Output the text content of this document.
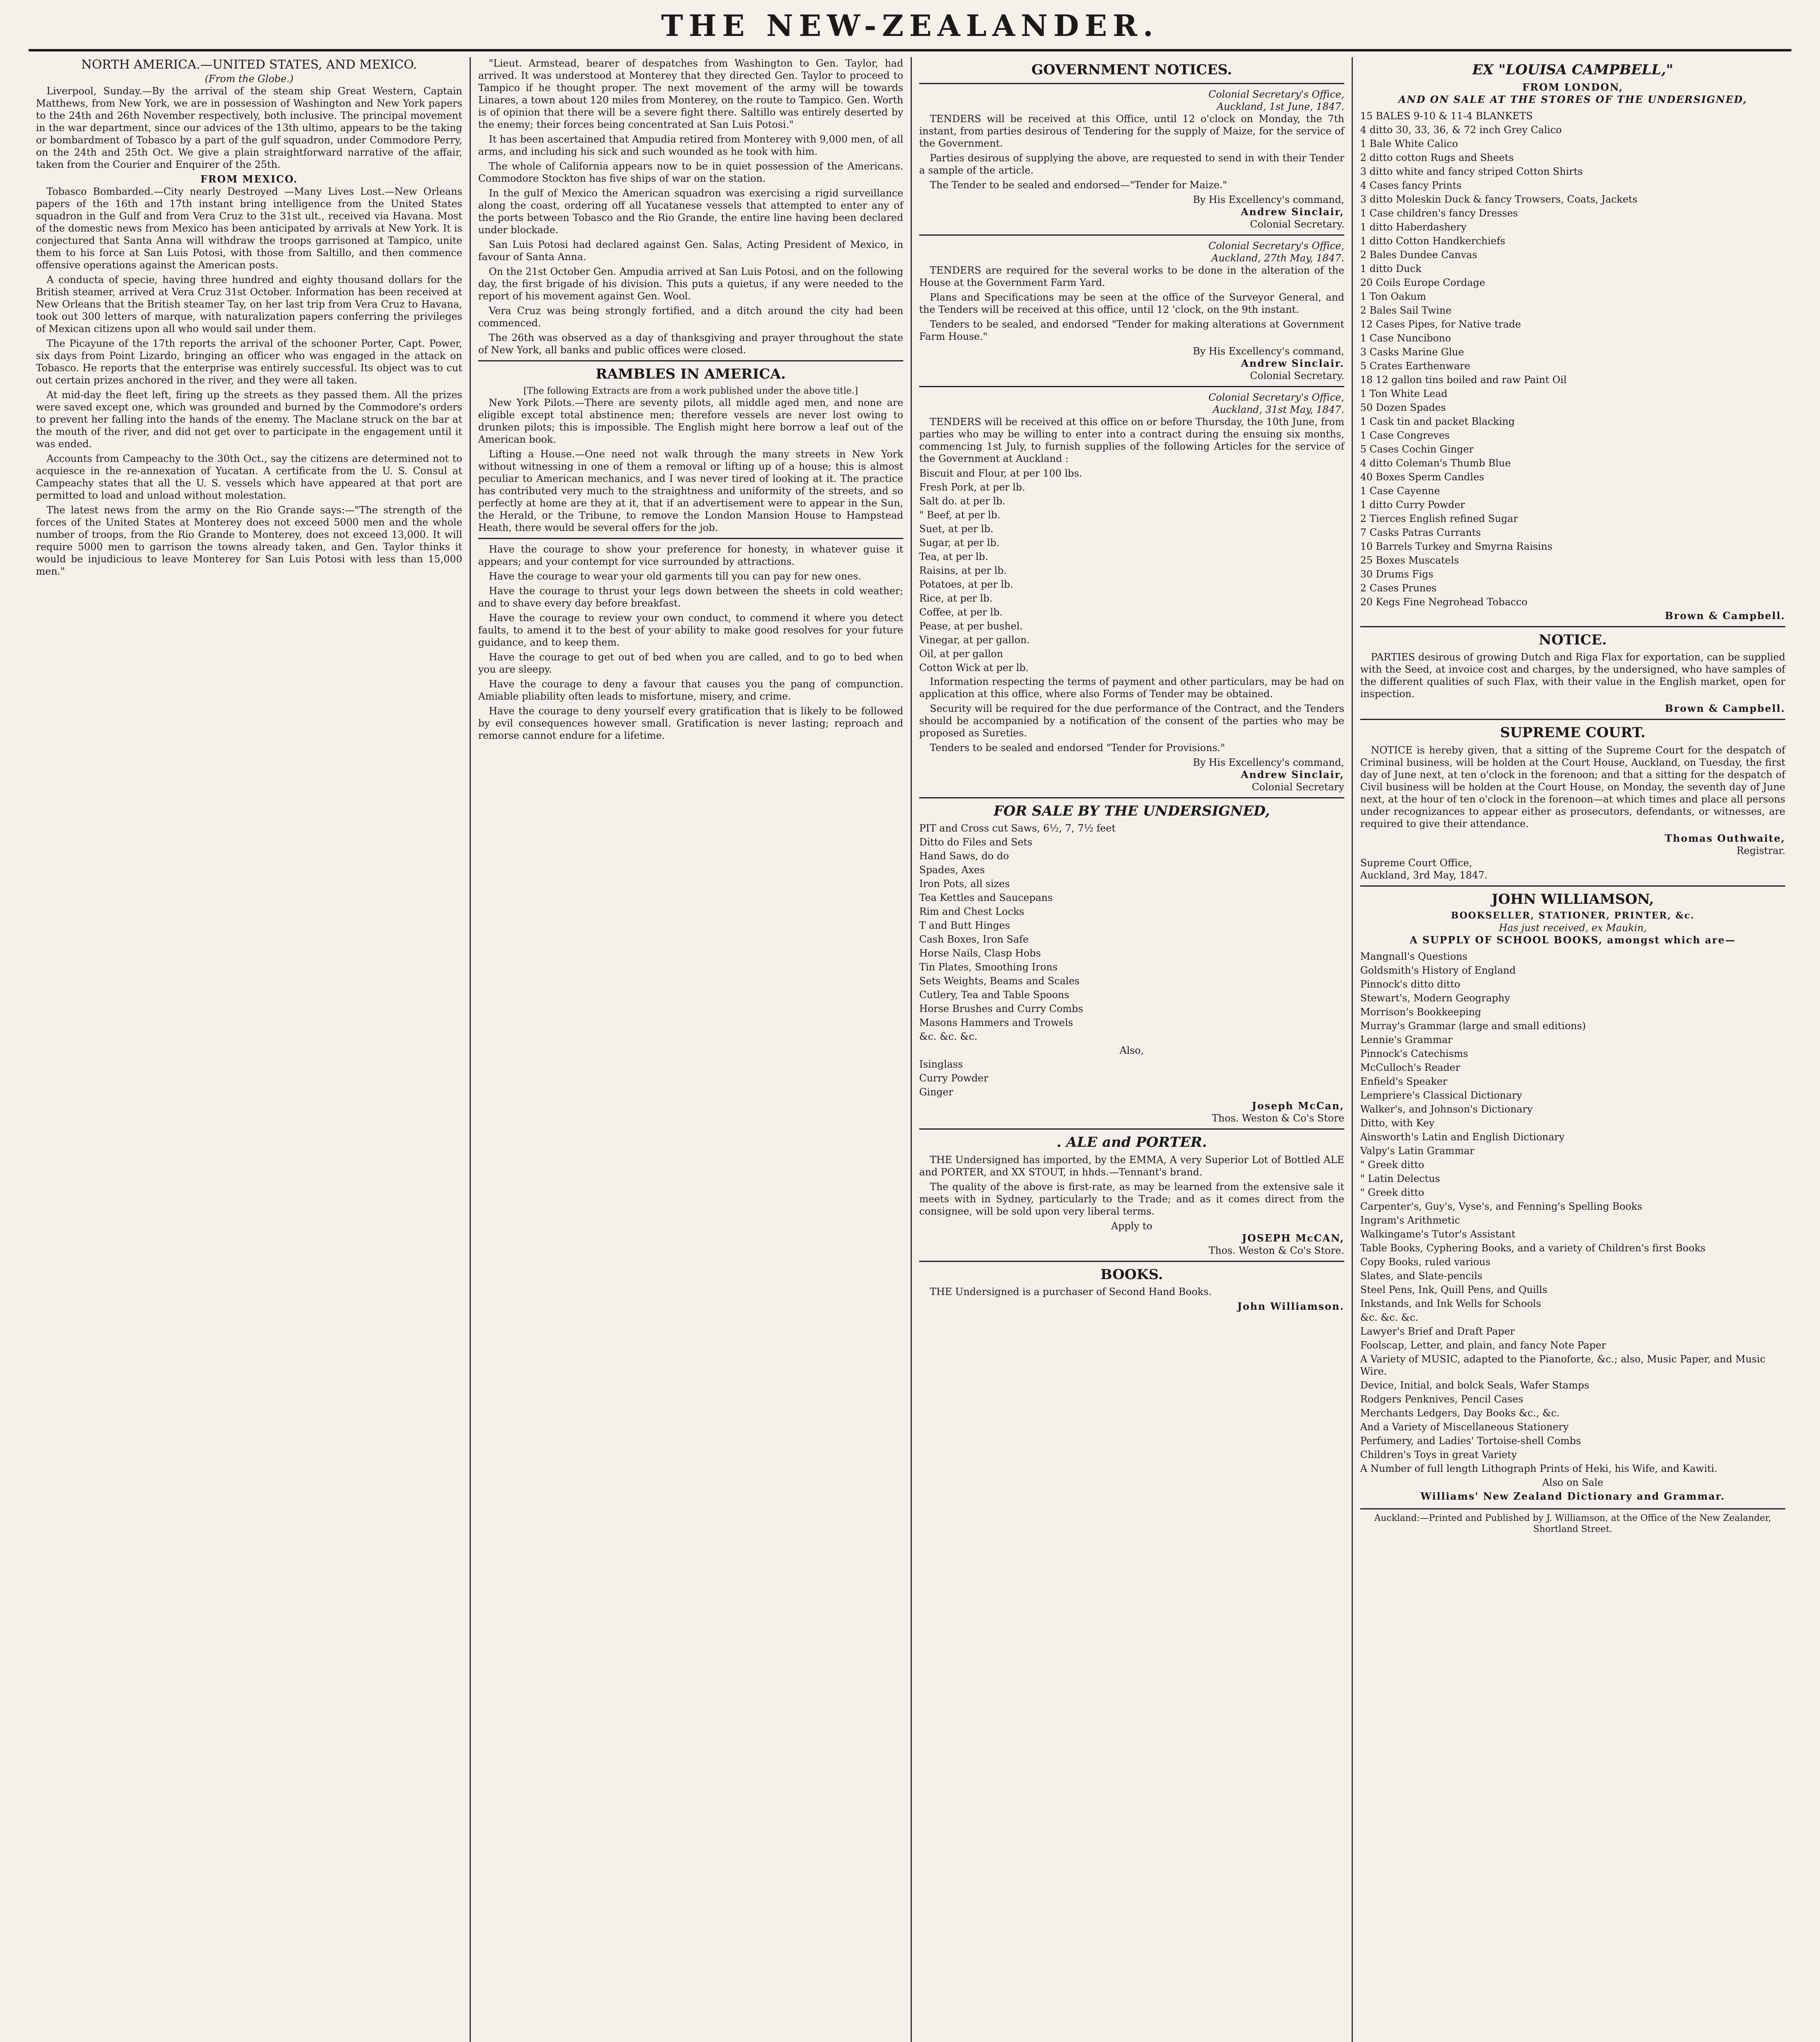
THE NEW-ZEALANDER.
NORTH AMERICA.—UNITED STATES, AND MEXICO.
(From the Globe.)

Liverpool, Sunday.—By the arrival of the steam ship Great Western, Captain Matthews, from New York, we are in possession of Washington and New York papers to the 24th and 26th November respectively, both inclusive. The principal movement in the war department, since our advices of the 13th ultimo, appears to be the taking or bombardment of Tobasco by a part of the gulf squadron, under Commodore Perry, on the 24th and 25th Oct. We give a plain straightforward narrative of the affair, taken from the Courier and Enquirer of the 25th.

FROM MEXICO.

Tobasco Bombarded.—City nearly Destroyed —Many Lives Lost.—New Orleans papers of the 16th and 17th instant bring intelligence from the United States squadron in the Gulf and from Vera Cruz to the 31st ult., received via Havana. Most of the domestic news from Mexico has been anticipated by arrivals at New York. It is conjectured that Santa Anna will withdraw the troops garrisoned at Tampico, unite them to his force at San Luis Potosi, with those from Saltillo, and then commence offensive operations against the American posts.

A conducta of specie, having three hundred and eighty thousand dollars for the British steamer, arrived at Vera Cruz 31st October. Information has been received at New Orleans that the British steamer Tay, on her last trip from Vera Cruz to Havana, took out 300 letters of marque, with naturalization papers conferring the privileges of Mexican citizens upon all who would sail under them.

The Picayune of the 17th reports the arrival of the schooner Porter, Capt. Power, six days from Point Lizardo, bringing an officer who was engaged in the attack on Tobasco. He reports that the enterprise was entirely successful. Its object was to cut out certain prizes anchored in the river, and they were all taken.

At mid-day the fleet left, firing up the streets as they passed them. All the prizes were saved except one, which was grounded and burned by the Commodore's orders to prevent her falling into the hands of the enemy. The Maclane struck on the bar at the mouth of the river, and did not get over to participate in the engagement until it was ended.

Accounts from Campeachy to the 30th Oct., say the citizens are determined not to acquiesce in the re-annexation of Yucatan. A certificate from the U. S. Consul at Campeachy states that all the U. S. vessels which have appeared at that port are permitted to load and unload without molestation.

The latest news from the army on the Rio Grande says:—"The strength of the forces of the United States at Monterey does not exceed 5000 men and the whole number of troops, from the Rio Grande to Monterey, does not exceed 13,000. It will require 5000 men to garrison the towns already taken, and Gen. Taylor thinks it would be injudicious to leave Monterey for San Luis Potosi with less than 15,000 men."

"Lieut. Armstead, bearer of despatches from Washington to Gen. Taylor, had arrived. It was understood at Monterey that they directed Gen. Taylor to proceed to Tampico if he thought proper. The next movement of the army will be towards Linares, a town about 120 miles from Monterey, on the route to Tampico. Gen. Worth is of opinion that there will be a severe fight there. Saltillo was entirely deserted by the enemy; their forces being concentrated at San Luis Potosi."

It has been ascertained that Ampudia retired from Monterey with 9,000 men, of all arms, and including his sick and such wounded as he took with him.

The whole of California appears now to be in quiet possession of the Americans. Commodore Stockton has five ships of war on the station.

In the gulf of Mexico the American squadron was exercising a rigid surveillance along the coast, ordering off all Yucatanese vessels that attempted to enter any of the ports between Tobasco and the Rio Grande, the entire line having been declared under blockade.

San Luis Potosi had declared against Gen. Salas, Acting President of Mexico, in favour of Santa Anna.

On the 21st October Gen. Ampudia arrived at San Luis Potosi, and on the following day, the first brigade of his division. This puts a quietus, if any were needed to the report of his movement against Gen. Wool.

Vera Cruz was being strongly fortified, and a ditch around the city had been commenced.

The 26th was observed as a day of thanksgiving and prayer throughout the state of New York, all banks and public offices were closed.

RAMBLES IN AMERICA.
[The following Extracts are from a work published under the above title.]

New York Pilots.—There are seventy pilots, all middle aged men, and none are eligible except total abstinence men; therefore vessels are never lost owing to drunken pilots; this is impossible. The English might here borrow a leaf out of the American book.

Lifting a House.—One need not walk through the many streets in New York without witnessing in one of them a removal or lifting up of a house; this is almost peculiar to American mechanics, and I was never tired of looking at it. The practice has contributed very much to the straightness and uniformity of the streets, and so perfectly at home are they at it, that if an advertisement were to appear in the Sun, the Herald, or the Tribune, to remove the London Mansion House to Hampstead Heath, there would be several offers for the job.

Have the courage to show your preference for honesty, in whatever guise it appears; and your contempt for vice surrounded by attractions.

Have the courage to wear your old garments till you can pay for new ones.

Have the courage to thrust your legs down between the sheets in cold weather; and to shave every day before breakfast.

Have the courage to review your own conduct, to commend it where you detect faults, to amend it to the best of your ability to make good resolves for your future guidance, and to keep them.

Have the courage to get out of bed when you are called, and to go to bed when you are sleepy.

Have the courage to deny a favour that causes you the pang of compunction. Amiable pliability often leads to misfortune, misery, and crime.

Have the courage to deny yourself every gratification that is likely to be followed by evil consequences however small. Gratification is never lasting; reproach and remorse cannot endure for a lifetime.

GOVERNMENT NOTICES.
Colonial Secretary's Office,
Auckland, 1st June, 1847.

TENDERS will be received at this Office, until 12 o'clock on Monday, the 7th instant, from parties desirous of Tendering for the supply of Maize, for the service of the Government.

Parties desirous of supplying the above, are requested to send in with their Tender a sample of the article.

The Tender to be sealed and endorsed—"Tender for Maize."

By His Excellency's command,
Andrew Sinclair,
Colonial Secretary.
Colonial Secretary's Office,
Auckland, 27th May, 1847.

TENDERS are required for the several works to be done in the alteration of the House at the Government Farm Yard.

Plans and Specifications may be seen at the office of the Surveyor General, and the Tenders will be received at this office, until 12 'clock, on the 9th instant.

Tenders to be sealed, and endorsed "Tender for making alterations at Government Farm House."

By His Excellency's command,
Andrew Sinclair.
Colonial Secretary.
Colonial Secretary's Office,
Auckland, 31st May, 1847.

TENDERS will be received at this office on or before Thursday, the 10th June, from parties who may be willing to enter into a contract during the ensuing six months, commencing 1st July, to furnish supplies of the following Articles for the service of the Government at Auckland :

Biscuit and Flour, at per 100 lbs.
Fresh Pork, at per lb.
Salt do. at per lb.
" Beef, at per lb.
Suet, at per lb.
Sugar, at per lb.
Tea, at per lb.
Raisins, at per lb.
Potatoes, at per lb.
Rice, at per lb.
Coffee, at per lb.
Pease, at per bushel.
Vinegar, at per gallon.
Oil, at per gallon
Cotton Wick at per lb.

Information respecting the terms of payment and other particulars, may be had on application at this office, where also Forms of Tender may be obtained.

Security will be required for the due performance of the Contract, and the Tenders should be accompanied by a notification of the consent of the parties who may be proposed as Sureties.

Tenders to be sealed and endorsed "Tender for Provisions."

By His Excellency's command,
Andrew Sinclair,
Colonial Secretary
FOR SALE BY THE UNDERSIGNED,
PIT and Cross cut Saws, 6½, 7, 7½ feet
Ditto do Files and Sets
Hand Saws, do do
Spades, Axes
Iron Pots, all sizes
Tea Kettles and Saucepans
Rim and Chest Locks
T and Butt Hinges
Cash Boxes, Iron Safe
Horse Nails, Clasp Hobs
Tin Plates, Smoothing Irons
Sets Weights, Beams and Scales
Cutlery, Tea and Table Spoons
Horse Brushes and Curry Combs
Masons Hammers and Trowels
&c. &c. &c.
Also,
Isinglass
Curry Powder
Ginger
Joseph McCan,
Thos. Weston & Co's Store
. ALE and PORTER.

THE Undersigned has imported, by the EMMA, A very Superior Lot of Bottled ALE and PORTER, and XX STOUT, in hhds.—Tennant's brand.

The quality of the above is first-rate, as may be learned from the extensive sale it meets with in Sydney, particularly to the Trade; and as it comes direct from the consignee, will be sold upon very liberal terms.

Apply to
JOSEPH McCAN,
Thos. Weston & Co's Store.
BOOKS.

THE Undersigned is a purchaser of Second Hand Books.

John Williamson.
EX "LOUISA CAMPBELL,"
FROM LONDON,
AND ON SALE AT THE STORES OF THE UNDERSIGNED,
15 BALES 9-10 & 11-4 BLANKETS
4 ditto 30, 33, 36, & 72 inch Grey Calico
1 Bale White Calico
2 ditto cotton Rugs and Sheets
3 ditto white and fancy striped Cotton Shirts
4 Cases fancy Prints
3 ditto Moleskin Duck & fancy Trowsers, Coats, Jackets
1 Case children's fancy Dresses
1 ditto Haberdashery
1 ditto Cotton Handkerchiefs
2 Bales Dundee Canvas
1 ditto Duck
20 Coils Europe Cordage
1 Ton Oakum
2 Bales Sail Twine
12 Cases Pipes, for Native trade
1 Case Nuncibono
3 Casks Marine Glue
5 Crates Earthenware
18 12 gallon tins boiled and raw Paint Oil
1 Ton White Lead
50 Dozen Spades
1 Cask tin and packet Blacking
1 Case Congreves
5 Cases Cochin Ginger
4 ditto Coleman's Thumb Blue
40 Boxes Sperm Candles
1 Case Cayenne
1 ditto Curry Powder
2 Tierces English refined Sugar
7 Casks Patras Currants
10 Barrels Turkey and Smyrna Raisins
25 Boxes Muscatels
30 Drums Figs
2 Cases Prunes
20 Kegs Fine Negrohead Tobacco
Brown & Campbell.
NOTICE.

PARTIES desirous of growing Dutch and Riga Flax for exportation, can be supplied with the Seed, at invoice cost and charges, by the undersigned, who have samples of the different qualities of such Flax, with their value in the English market, open for inspection.

Brown & Campbell.
SUPREME COURT.

NOTICE is hereby given, that a sitting of the Supreme Court for the despatch of Criminal business, will be holden at the Court House, Auckland, on Tuesday, the first day of June next, at ten o'clock in the forenoon; and that a sitting for the despatch of Civil business will be holden at the Court House, on Monday, the seventh day of June next, at the hour of ten o'clock in the forenoon—at which times and place all persons under recognizances to appear either as prosecutors, defendants, or witnesses, are required to give their attendance.

Thomas Outhwaite,
Registrar.
Supreme Court Office,
Auckland, 3rd May, 1847.
JOHN WILLIAMSON,
BOOKSELLER, STATIONER, PRINTER, &c.
Has just received, ex Maukin,
A SUPPLY OF SCHOOL BOOKS, amongst which are—
Mangnall's Questions
Goldsmith's History of England
Pinnock's ditto ditto
Stewart's, Modern Geography
Morrison's Bookkeeping
Murray's Grammar (large and small editions)
Lennie's Grammar
Pinnock's Catechisms
McCulloch's Reader
Enfield's Speaker
Lempriere's Classical Dictionary
Walker's, and Johnson's Dictionary
Ditto, with Key
Ainsworth's Latin and English Dictionary
Valpy's Latin Grammar
" Greek ditto
" Latin Delectus
" Greek ditto
Carpenter's, Guy's, Vyse's, and Fenning's Spelling Books
Ingram's Arithmetic
Walkingame's Tutor's Assistant
Table Books, Cyphering Books, and a variety of Children's first Books
Copy Books, ruled various
Slates, and Slate-pencils
Steel Pens, Ink, Quill Pens, and Quills
Inkstands, and Ink Wells for Schools
&c. &c. &c.
Lawyer's Brief and Draft Paper
Foolscap, Letter, and plain, and fancy Note Paper
A Variety of MUSIC, adapted to the Pianoforte, &c.; also, Music Paper, and Music Wire.
Device, Initial, and bolck Seals, Wafer Stamps
Rodgers Penknives, Pencil Cases
Merchants Ledgers, Day Books &c., &c.
And a Variety of Miscellaneous Stationery
Perfumery, and Ladies' Tortoise-shell Combs
Children's Toys in great Variety
A Number of full length Lithograph Prints of Heki, his Wife, and Kawiti.
Also on Sale
Williams' New Zealand Dictionary and Grammar.
Auckland:—Printed and Published by J. Williamson, at the Office of the New Zealander, Shortland Street.
